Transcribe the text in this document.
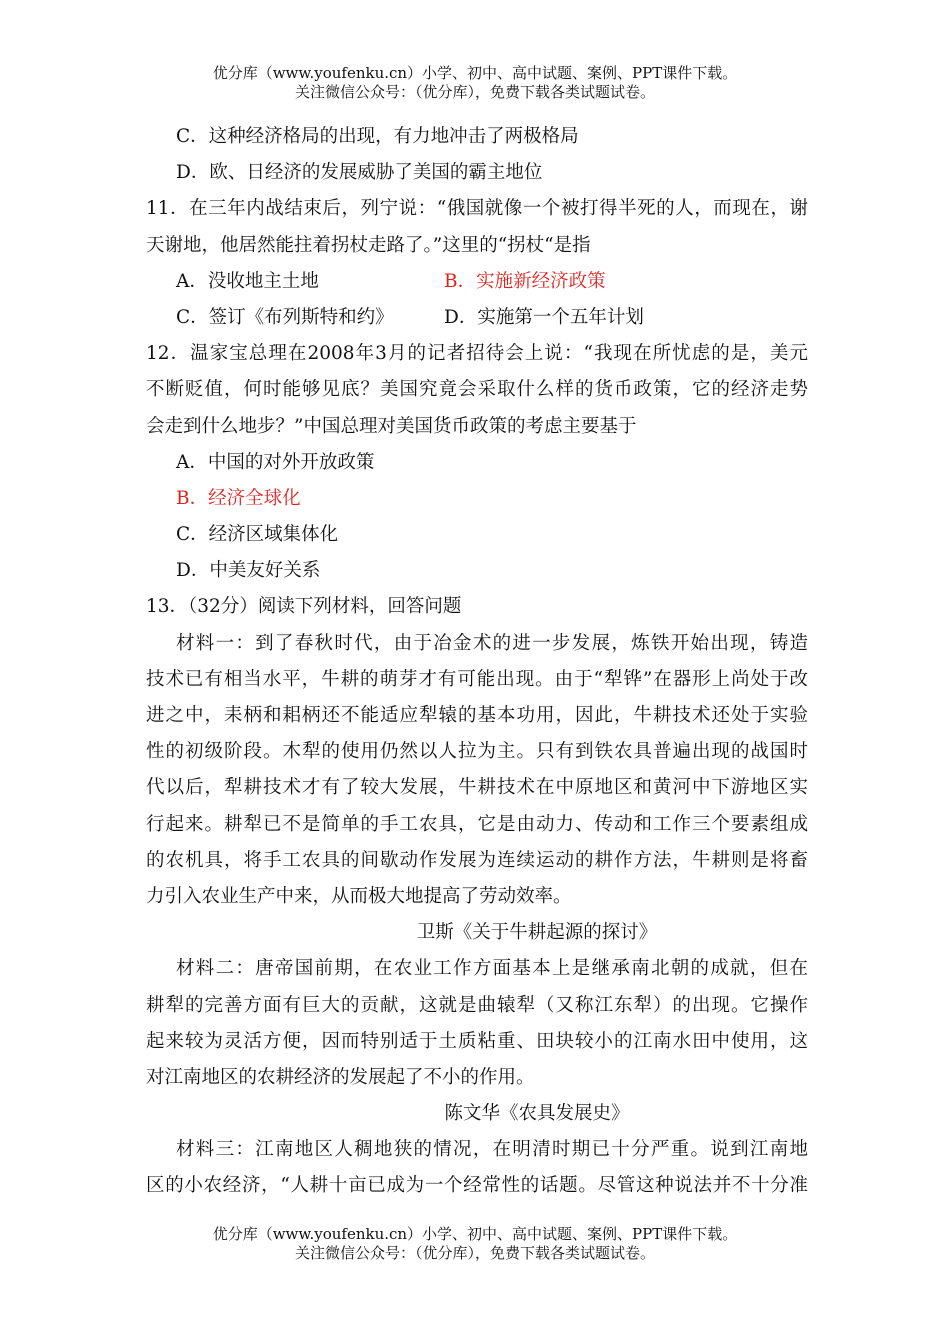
优分库（www.youfenku.cn）小学、初中、高中试题、案例、PPT课件下载。
关注微信公众号：（优分库），免费下载各类试题试卷。
C．这种经济格局的出现，有力地冲击了两极格局
D．欧、日经济的发展威胁了美国的霸主地位
11．在三年内战结束后，列宁说：“俄国就像一个被打得半死的人，而现在，谢
天谢地，他居然能拄着拐杖走路了。”这里的“拐杖“是指
A．没收地主土地	B．实施新经济政策
C．签订《布列斯特和约》	D．实施第一个五年计划
12．温家宝总理在2008年3月的记者招待会上说：“我现在所忧虑的是，美元
不断贬值，何时能够见底？美国究竟会采取什么样的货币政策，它的经济走势
会走到什么地步？”中国总理对美国货币政策的考虑主要基于
A．中国的对外开放政策
B．经济全球化
C．经济区域集体化
D．中美友好关系
13．（32分）阅读下列材料，回答问题
材料一：到了春秋时代，由于冶金术的进一步发展，炼铁开始出现，铸造
技术已有相当水平，牛耕的萌芽才有可能出现。由于“犁铧”在器形上尚处于改
进之中，耒柄和耜柄还不能适应犁辕的基本功用，因此，牛耕技术还处于实验
性的初级阶段。木犁的使用仍然以人拉为主。只有到铁农具普遍出现的战国时
代以后，犁耕技术才有了较大发展，牛耕技术在中原地区和黄河中下游地区实
行起来。耕犁已不是简单的手工农具，它是由动力、传动和工作三个要素组成
的农机具，将手工农具的间歇动作发展为连续运动的耕作方法，牛耕则是将畜
力引入农业生产中来，从而极大地提高了劳动效率。
卫斯《关于牛耕起源的探讨》
材料二：唐帝国前期，在农业工作方面基本上是继承南北朝的成就，但在
耕犁的完善方面有巨大的贡献，这就是曲辕犁（又称江东犁）的出现。它操作
起来较为灵活方便，因而特别适于土质粘重、田块较小的江南水田中使用，这
对江南地区的农耕经济的发展起了不小的作用。
陈文华《农具发展史》
材料三：江南地区人稠地狭的情况，在明清时期已十分严重。说到江南地
区的小农经济，“人耕十亩已成为一个经常性的话题。尽管这种说法并不十分准
优分库（www.youfenku.cn）小学、初中、高中试题、案例、PPT课件下载。
关注微信公众号：（优分库），免费下载各类试题试卷。
